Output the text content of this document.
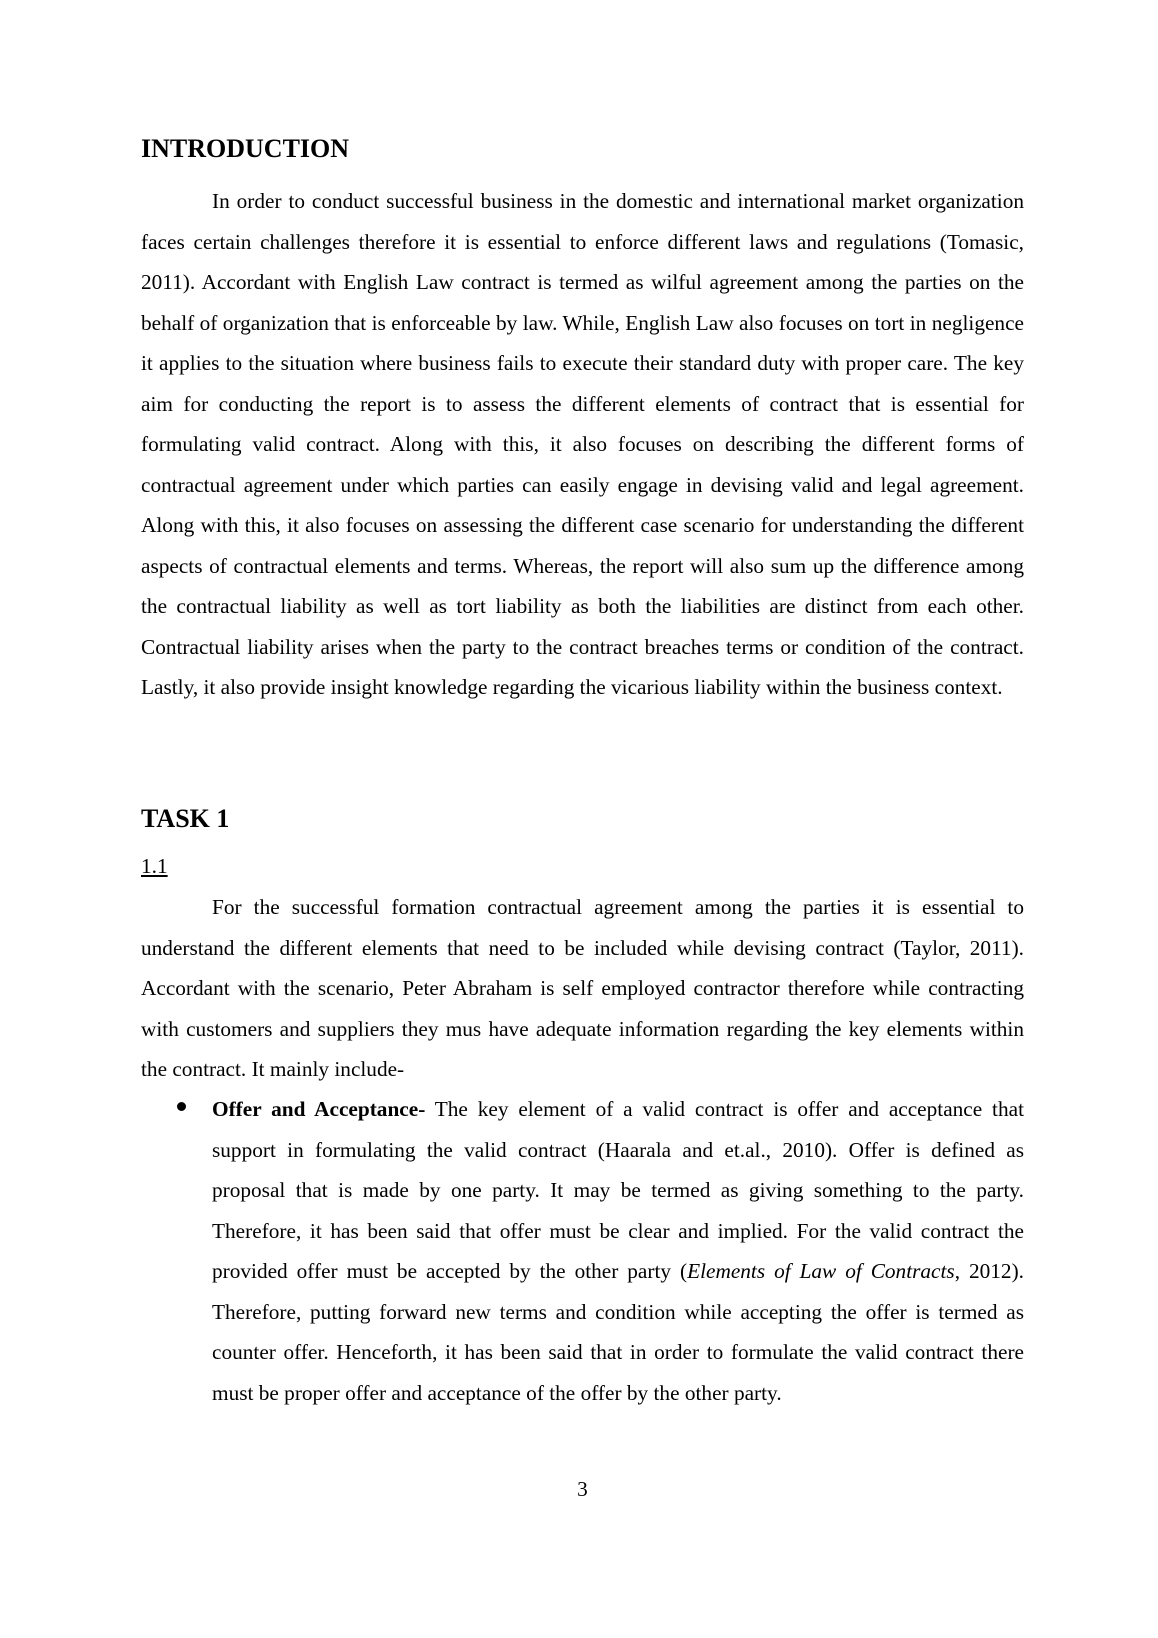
INTRODUCTION

In order to conduct successful business in the domestic and international market organization faces certain challenges therefore it is essential to enforce different laws and regulations (Tomasic, 2011). Accordant with English Law contract is termed as wilful agreement among the parties on the behalf of organization that is enforceable by law. While, English Law also focuses on tort in negligence it applies to the situation where business fails to execute their standard duty with proper care. The key aim for conducting the report is to assess the different elements of contract that is essential for formulating valid contract. Along with this, it also focuses on describing the different forms of contractual agreement under which parties can easily engage in devising valid and legal agreement. Along with this, it also focuses on assessing the different case scenario for understanding the different aspects of contractual elements and terms. Whereas, the report will also sum up the difference among the contractual liability as well as tort liability as both the liabilities are distinct from each other. Contractual liability arises when the party to the contract breaches terms or condition of the contract. Lastly, it also provide insight knowledge regarding the vicarious liability within the business context.

TASK 1

1.1

For the successful formation contractual agreement among the parties it is essential to understand the different elements that need to be included while devising contract (Taylor, 2011). Accordant with the scenario, Peter Abraham is self employed contractor therefore while contracting with customers and suppliers they mus have adequate information regarding the key elements within the contract. It mainly include-

Offer and Acceptance- The key element of a valid contract is offer and acceptance that support in formulating the valid contract (Haarala and et.al., 2010). Offer is defined as proposal that is made by one party. It may be termed as giving something to the party. Therefore, it has been said that offer must be clear and implied. For the valid contract the provided offer must be accepted by the other party (Elements of Law of Contracts, 2012). Therefore, putting forward new terms and condition while accepting the offer is termed as counter offer. Henceforth, it has been said that in order to formulate the valid contract there must be proper offer and acceptance of the offer by the other party.

3
